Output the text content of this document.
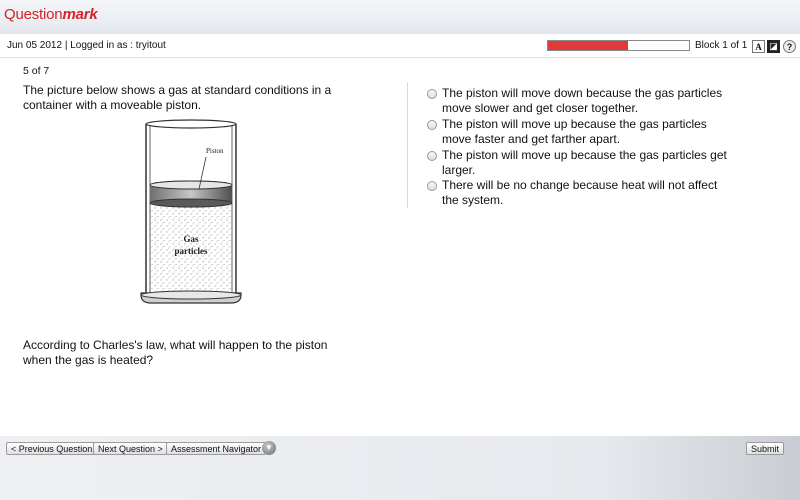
Questionmark
Jun 05 2012 | Logged in as : tryitout	Block 1 of 1 A ◪	?
5 of 7
The picture below shows a gas at standard conditions in a container with a moveable piston.
Piston
Gas
particles
According to Charles's law, what will happen to the piston when the gas is heated?
The piston will move down because the gas particles move slower and get closer together.
The piston will move up because the gas particles move faster and get farther apart.
The piston will move up because the gas particles get larger.
There will be no change because heat will not affect the system.
< Previous Question Next Question > Assessment Navigator ▼	Submit
